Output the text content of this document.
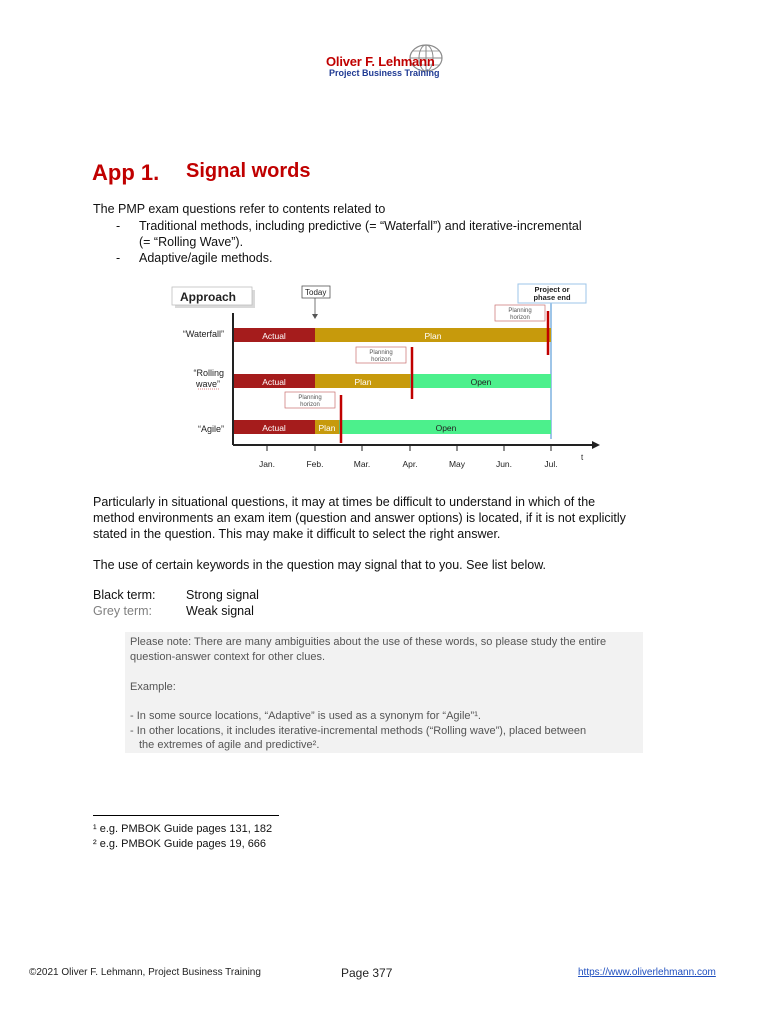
Oliver F. Lehmann
Project Business Training
App 1. Signal words
The PMP exam questions refer to contents related to
- Traditional methods, including predictive (= “Waterfall”) and iterative-incremental
(= “Rolling Wave”).
- Adaptive/agile methods.
Approach	Today	Project or
phase end
“Waterfall”
“Rolling
wave”
“Agile”
Actual	Plan
Actual	Plan	Open
Actual	Plan	Open
Planning
horizon
Planning
horizon
Planning
horizon
t
Jan.	Feb.	Mar.	Apr.	May	Jun.	Jul.
Particularly in situational questions, it may at times be difficult to understand in which of the
method environments an exam item (question and answer options) is located, if it is not explicitly
stated in the question. This may make it difficult to select the right answer.
The use of certain keywords in the question may signal that to you. See list below.
Black term: Strong signal
Grey term:	Weak signal
Please note: There are many ambiguities about the use of these words, so please study the entire
question-answer context for other clues.
Example:
- In some source locations, “Adaptive” is used as a synonym for “Agile”¹.
- In other locations, it includes iterative-incremental methods (“Rolling wave”), placed between
the extremes of agile and predictive².
¹ e.g. PMBOK Guide pages 131, 182
² e.g. PMBOK Guide pages 19, 666
©2021 Oliver F. Lehmann, Project Business Training	Page 377	https://www.oliverlehmann.com
